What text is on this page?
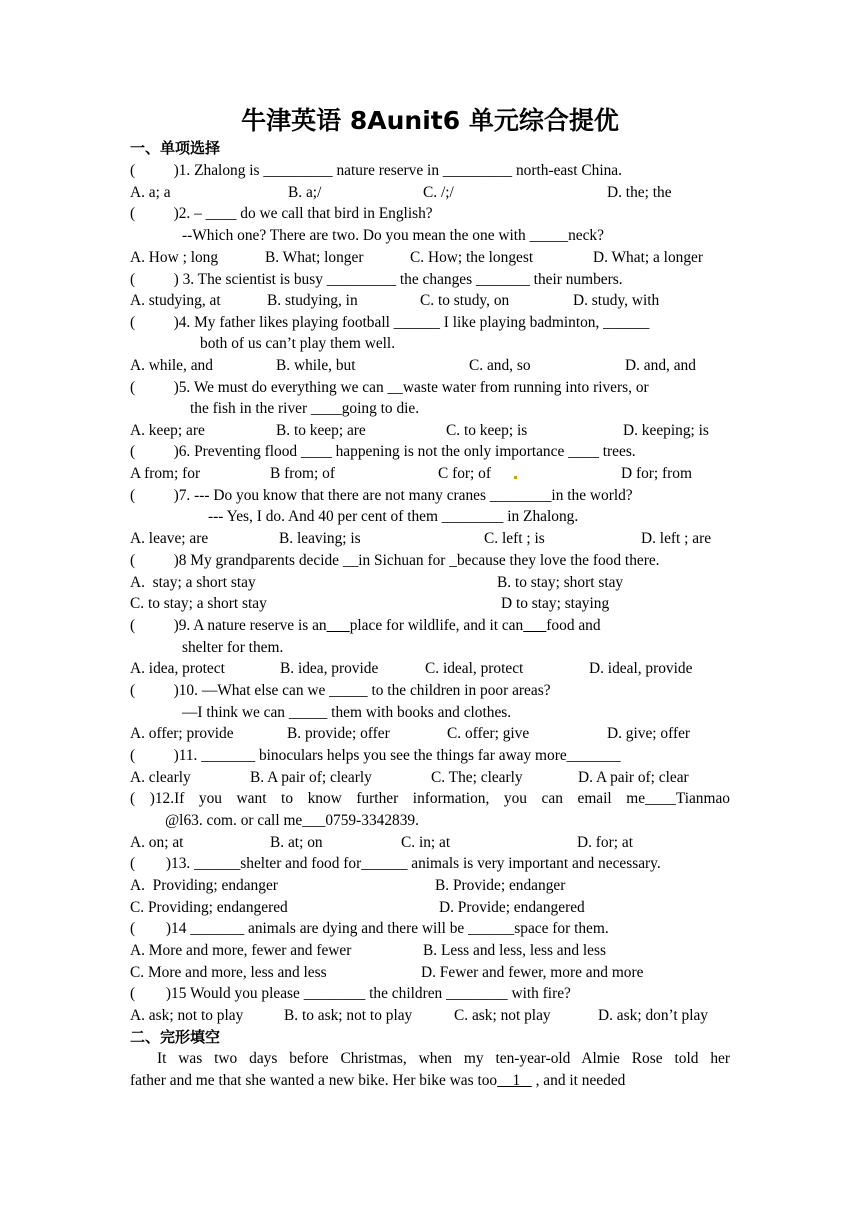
牛津英语 8Aunit6 单元综合提优
一、单项选择
(          )1. Zhalong is _________ nature reserve in _________ north-east China.
A. a; a	B. a;/	C. /;/	D. the; the
(          )2. – ____ do we call that bird in English?
--Which one? There are two. Do you mean the one with _____neck?
A. How ; long	B. What; longer	C. How; the longest	D. What; a longer
(          ) 3. The scientist is busy _________ the changes _______ their numbers.
A. studying, at	B. studying, in	C. to study, on	D. study, with
(          )4. My father likes playing football ______ I like playing badminton, ______
both of us can’t play them well.
A. while, and	B. while, but	C. and, so	D. and, and
(          )5. We must do everything we can __waste water from running into rivers, or
the fish in the river ____going to die.
A. keep; are	B. to keep; are	C. to keep; is	D. keeping; is
(          )6. Preventing flood ____ happening is not the only importance ____ trees.
A from; for	B from; of	C for; of	D for; from
(          )7. --- Do you know that there are not many cranes ________in the world?
--- Yes, I do. And 40 per cent of them ________ in Zhalong.
A. leave; are	B. leaving; is	C. left ; is	D. left ; are
(          )8 My grandparents decide __in Sichuan for _because they love the food there.
A.  stay; a short stay	B. to stay; short stay
C. to stay; a short stay	D to stay; staying
(          )9. A nature reserve is an place for wildlife, and it can food and
shelter for them.
A. idea, protect	B. idea, provide	C. ideal, protect	D. ideal, provide
(          )10. —What else can we _____ to the children in poor areas?
—I think we can _____ them with books and clothes.
A. offer; provide	B. provide; offer	C. offer; give	D. give; offer
(          )11. _______ binoculars helps you see the things far away more_______
A. clearly	B. A pair of; clearly	C. The; clearly	D. A pair of; clear
( )12.If you want to know further information, you can email me____Tianmao
@l63. com. or call me___0759-3342839.
A. on; at	B. at; on	C. in; at	D. for; at
(        )13. ______shelter and food for______ animals is very important and necessary.
A.  Providing; endanger	B. Provide; endanger
C. Providing; endangered	D. Provide; endangered
(        )14 _______ animals are dying and there will be ______space for them.
A. More and more, fewer and fewer	B. Less and less, less and less
C. More and more, less and less	D. Fewer and fewer, more and more
(        )15 Would you please ________ the children ________ with fire?
A. ask; not to play	B. to ask; not to play	C. ask; not play	D. ask; don’t play
二、完形填空
It was two days before Christmas, when my ten-year-old Almie Rose told her
father and me that she wanted a new bike. Her bike was too    1    , and it needed
